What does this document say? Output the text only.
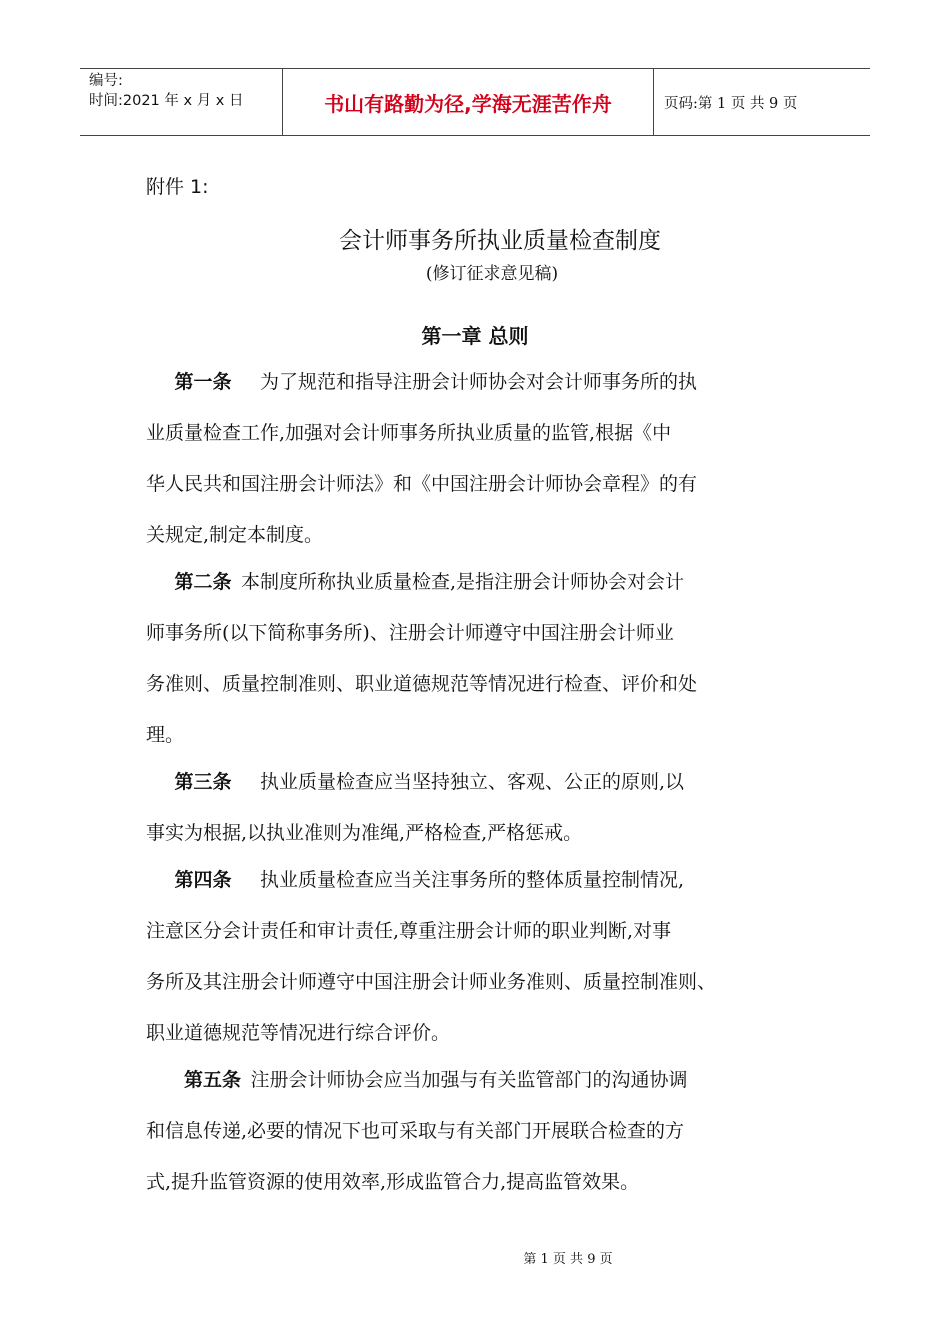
编号:
时间:2021 年 x 月 x 日	书山有路勤为径,学海无涯苦作舟	页码:第 1 页 共 9 页
附件 1:
会计师事务所执业质量检查制度
(修订征求意见稿)
第一章 总则
  第一条   为了规范和指导注册会计师协会对会计师事务所的执
业质量检查工作,加强对会计师事务所执业质量的监管,根据《中
华人民共和国注册会计师法》和《中国注册会计师协会章程》的有
关规定,制定本制度。
  第二条  本制度所称执业质量检查,是指注册会计师协会对会计
师事务所(以下简称事务所)、注册会计师遵守中国注册会计师业
务准则、质量控制准则、职业道德规范等情况进行检查、评价和处
理。
  第三条   执业质量检查应当坚持独立、客观、公正的原则,以
事实为根据,以执业准则为准绳,严格检查,严格惩戒。
  第四条   执业质量检查应当关注事务所的整体质量控制情况,
注意区分会计责任和审计责任,尊重注册会计师的职业判断,对事
务所及其注册会计师遵守中国注册会计师业务准则、质量控制准则、
职业道德规范等情况进行综合评价。
  第五条  注册会计师协会应当加强与有关监管部门的沟通协调
和信息传递,必要的情况下也可采取与有关部门开展联合检查的方
式,提升监管资源的使用效率,形成监管合力,提高监管效果。
第 1 页 共 9 页
